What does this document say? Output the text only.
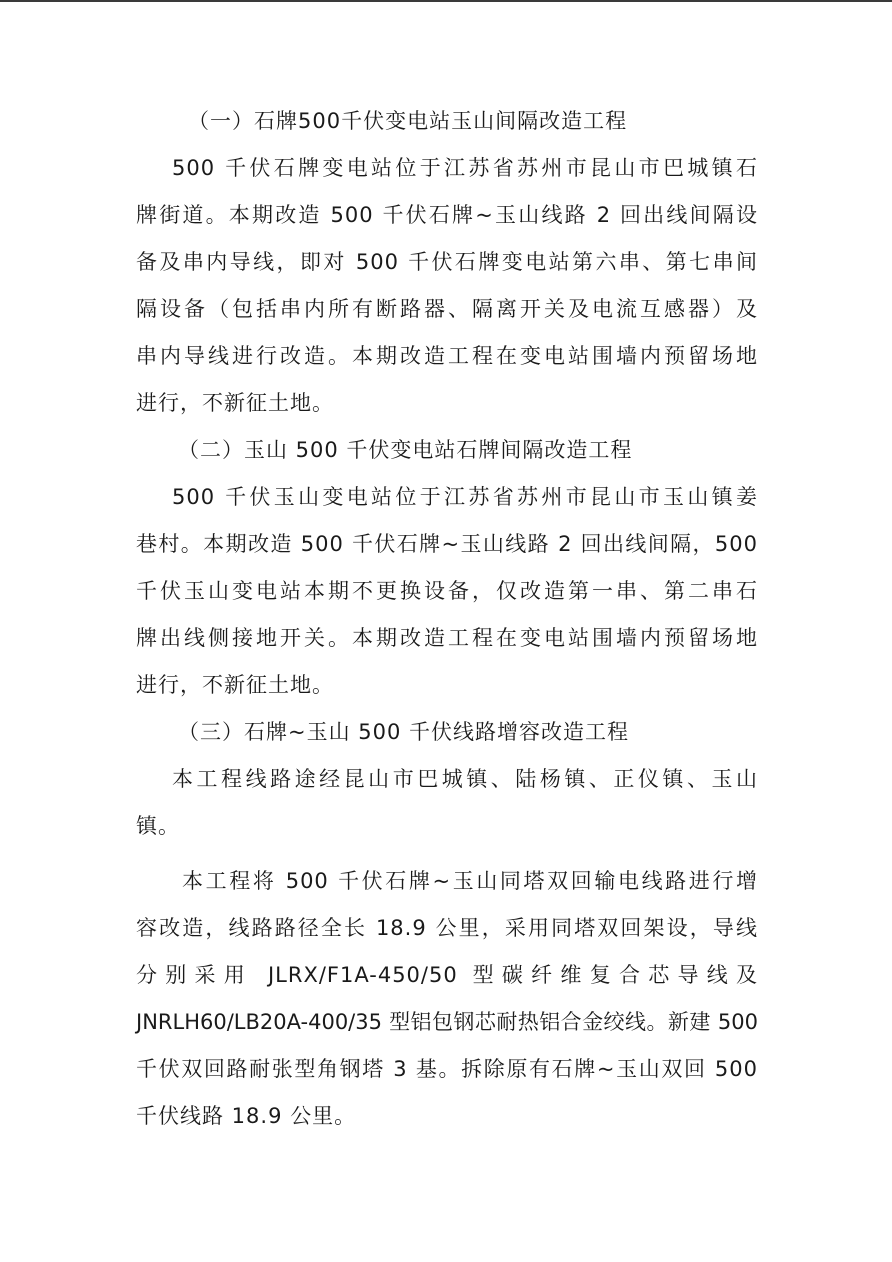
（一）石牌500千伏变电站玉山间隔改造工程
500 千伏石牌变电站位于江苏省苏州市昆山市巴城镇石
牌街道。本期改造 500 千伏石牌~玉山线路 2 回出线间隔设
备及串内导线，即对 500 千伏石牌变电站第六串、第七串间
隔设备（包括串内所有断路器、隔离开关及电流互感器）及
串内导线进行改造。本期改造工程在变电站围墙内预留场地
进行，不新征土地。
（二）玉山 500 千伏变电站石牌间隔改造工程
500 千伏玉山变电站位于江苏省苏州市昆山市玉山镇姜
巷村。本期改造 500 千伏石牌~玉山线路 2 回出线间隔，500
千伏玉山变电站本期不更换设备，仅改造第一串、第二串石
牌出线侧接地开关。本期改造工程在变电站围墙内预留场地
进行，不新征土地。
（三）石牌~玉山 500 千伏线路增容改造工程
本工程线路途经昆山市巴城镇、陆杨镇、正仪镇、玉山
镇。
本工程将 500 千伏石牌~玉山同塔双回输电线路进行增
容改造，线路路径全长 18.9 公里，采用同塔双回架设，导线
分别采用 JLRX/F1A-450/50 型碳纤维复合芯导线及
JNRLH60/LB20A-400/35 型铝包钢芯耐热铝合金绞线。新建 500
千伏双回路耐张型角钢塔 3 基。拆除原有石牌~玉山双回 500
千伏线路 18.9 公里。
